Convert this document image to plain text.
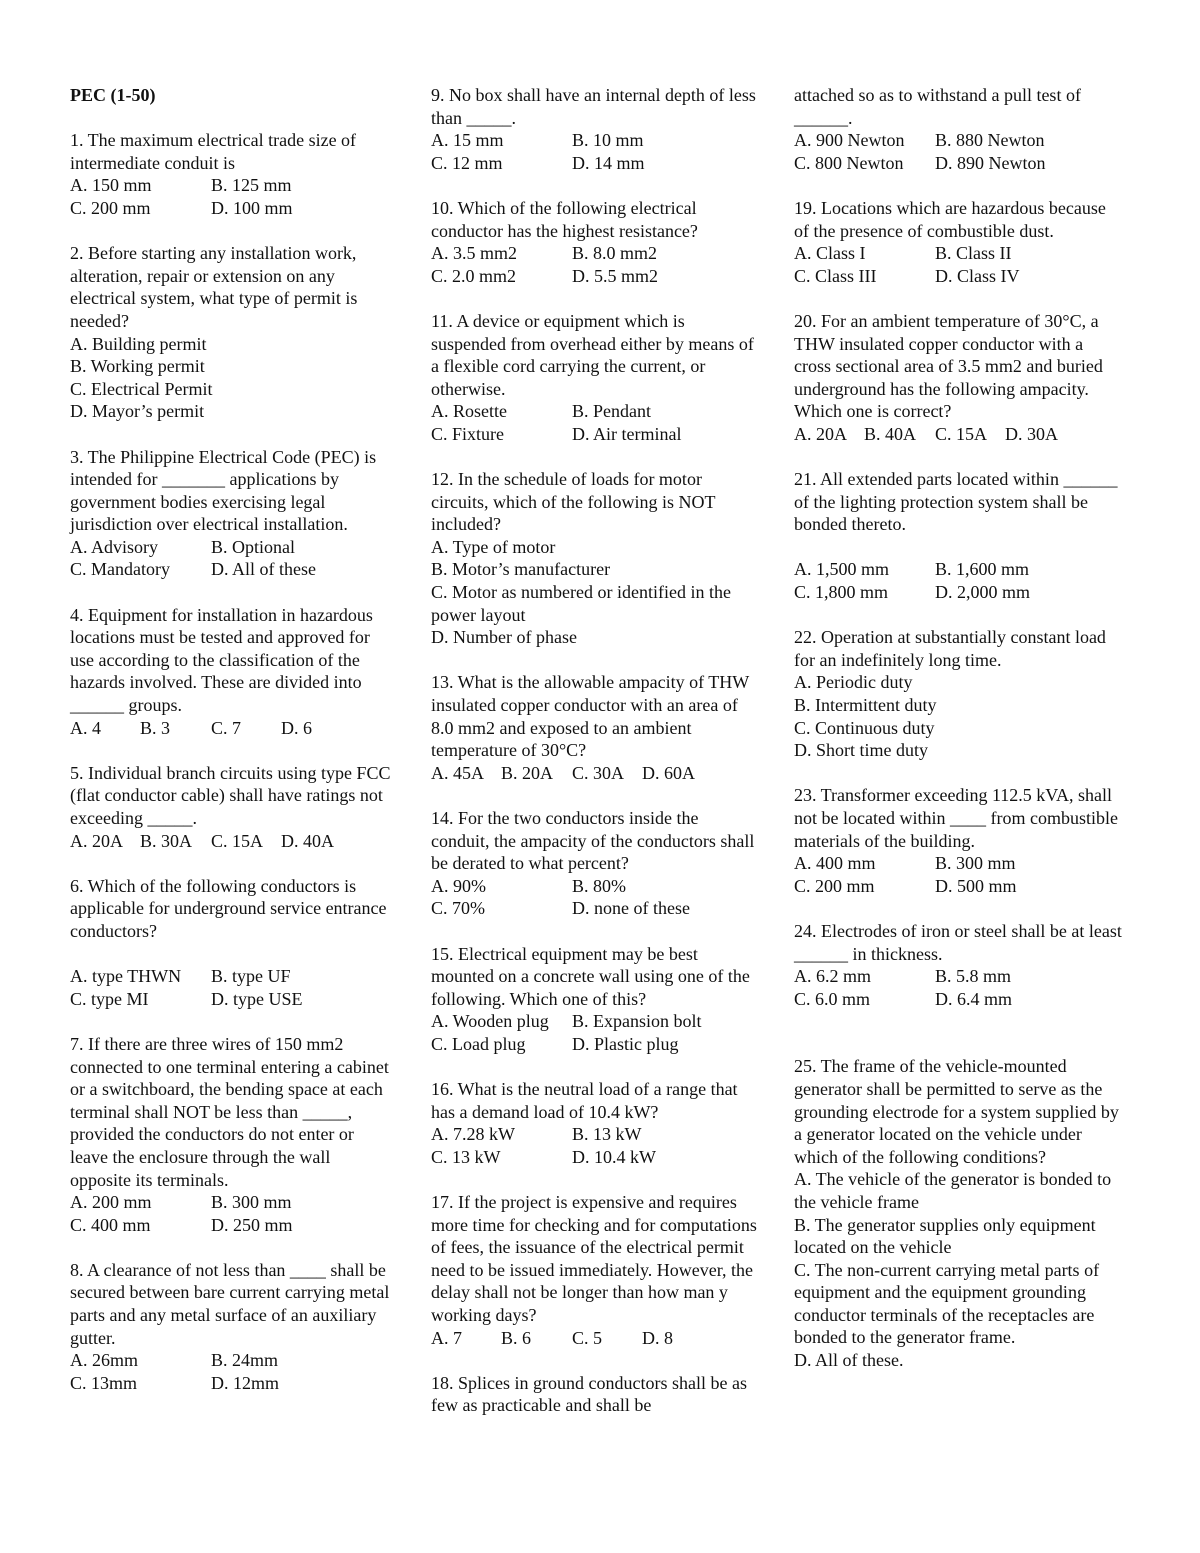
PEC (1-50)

1. The maximum electrical trade size of intermediate conduit is

A. 150 mm	B. 125 mm
C. 200 mm	D. 100 mm

2. Before starting any installation work, alteration, repair or extension on any electrical system, what type of permit is needed?

A. Building permit

B. Working permit

C. Electrical Permit

D. Mayor’s permit

3. The Philippine Electrical Code (PEC) is intended for _______ applications by government bodies exercising legal jurisdiction over electrical installation.

A. Advisory	B. Optional
C. Mandatory	D. All of these

4. Equipment for installation in hazardous locations must be tested and approved for use according to the classification of the hazards involved. These are divided into ______ groups.

A. 4	B. 3	C. 7	D. 6

5. Individual branch circuits using type FCC (flat conductor cable) shall have ratings not exceeding _____.

A. 20A B. 30A	C. 15A D. 40A

6. Which of the following conductors is applicable for underground service entrance conductors?

A. type THWN	B. type UF
C. type MI	D. type USE

7. If there are three wires of 150 mm2 connected to one terminal entering a cabinet or a switchboard, the bending space at each terminal shall NOT be less than _____, provided the conductors do not enter or leave the enclosure through the wall opposite its terminals.

A. 200 mm	B. 300 mm
C. 400 mm	D. 250 mm

8. A clearance of not less than ____ shall be secured between bare current carrying metal parts and any metal surface of an auxiliary gutter.

A. 26mm	B. 24mm
C. 13mm	D. 12mm

9. No box shall have an internal depth of less than _____.

A. 15 mm	B. 10 mm
C. 12 mm	D. 14 mm

10. Which of the following electrical conductor has the highest resistance?

A. 3.5 mm2	B. 8.0 mm2
C. 2.0 mm2	D. 5.5 mm2

11. A device or equipment which is suspended from overhead either by means of a flexible cord carrying the current, or otherwise.

A. Rosette	B. Pendant
C. Fixture	D. Air terminal

12. In the schedule of loads for motor circuits, which of the following is NOT included?

A. Type of motor

B. Motor’s manufacturer

C. Motor as numbered or identified in the power layout

D. Number of phase

13. What is the allowable ampacity of THW insulated copper conductor with an area of 8.0 mm2 and exposed to an ambient temperature of 30°C?

A. 45A B. 20A	C. 30A D. 60A

14. For the two conductors inside the conduit, the ampacity of the conductors shall be derated to what percent?

A. 90%	B. 80%
C. 70%	D. none of these

15. Electrical equipment may be best mounted on a concrete wall using one of the following. Which one of this?

A. Wooden plug	B. Expansion bolt
C. Load plug	D. Plastic plug

16. What is the neutral load of a range that has a demand load of 10.4 kW?

A. 7.28 kW	B. 13 kW
C. 13 kW	D. 10.4 kW

17. If the project is expensive and requires more time for checking and for computations of fees, the issuance of the electrical permit need to be issued immediately. However, the delay shall not be longer than how man y working days?

A. 7	B. 6	C. 5	D. 8

18. Splices in ground conductors shall be as few as practicable and shall be

attached so as to withstand a pull test of ______.

A. 900 Newton	B. 880 Newton
C. 800 Newton	D. 890 Newton

19. Locations which are hazardous because of the presence of combustible dust.

A. Class I	B. Class II
C. Class III	D. Class IV

20. For an ambient temperature of 30°C, a THW insulated copper conductor with a cross sectional area of 3.5 mm2 and buried underground has the following ampacity. Which one is correct?

A. 20A B. 40A	C. 15A D. 30A

21. All extended parts located within ______ of the lighting protection system shall be bonded thereto.

A. 1,500 mm	B. 1,600 mm
C. 1,800 mm	D. 2,000 mm

22. Operation at substantially constant load for an indefinitely long time.

A. Periodic duty

B. Intermittent duty

C. Continuous duty

D. Short time duty

23. Transformer exceeding 112.5 kVA, shall not be located within ____ from combustible materials of the building.

A. 400 mm	B. 300 mm
C. 200 mm	D. 500 mm

24. Electrodes of iron or steel shall be at least ______ in thickness.

A. 6.2 mm	B. 5.8 mm
C. 6.0 mm	D. 6.4 mm

25. The frame of the vehicle-mounted generator shall be permitted to serve as the grounding electrode for a system supplied by a generator located on the vehicle under which of the following conditions?

A. The vehicle of the generator is bonded to the vehicle frame

B. The generator supplies only equipment located on the vehicle

C. The non-current carrying metal parts of equipment and the equipment grounding conductor terminals of the receptacles are bonded to the generator frame.

D. All of these.
